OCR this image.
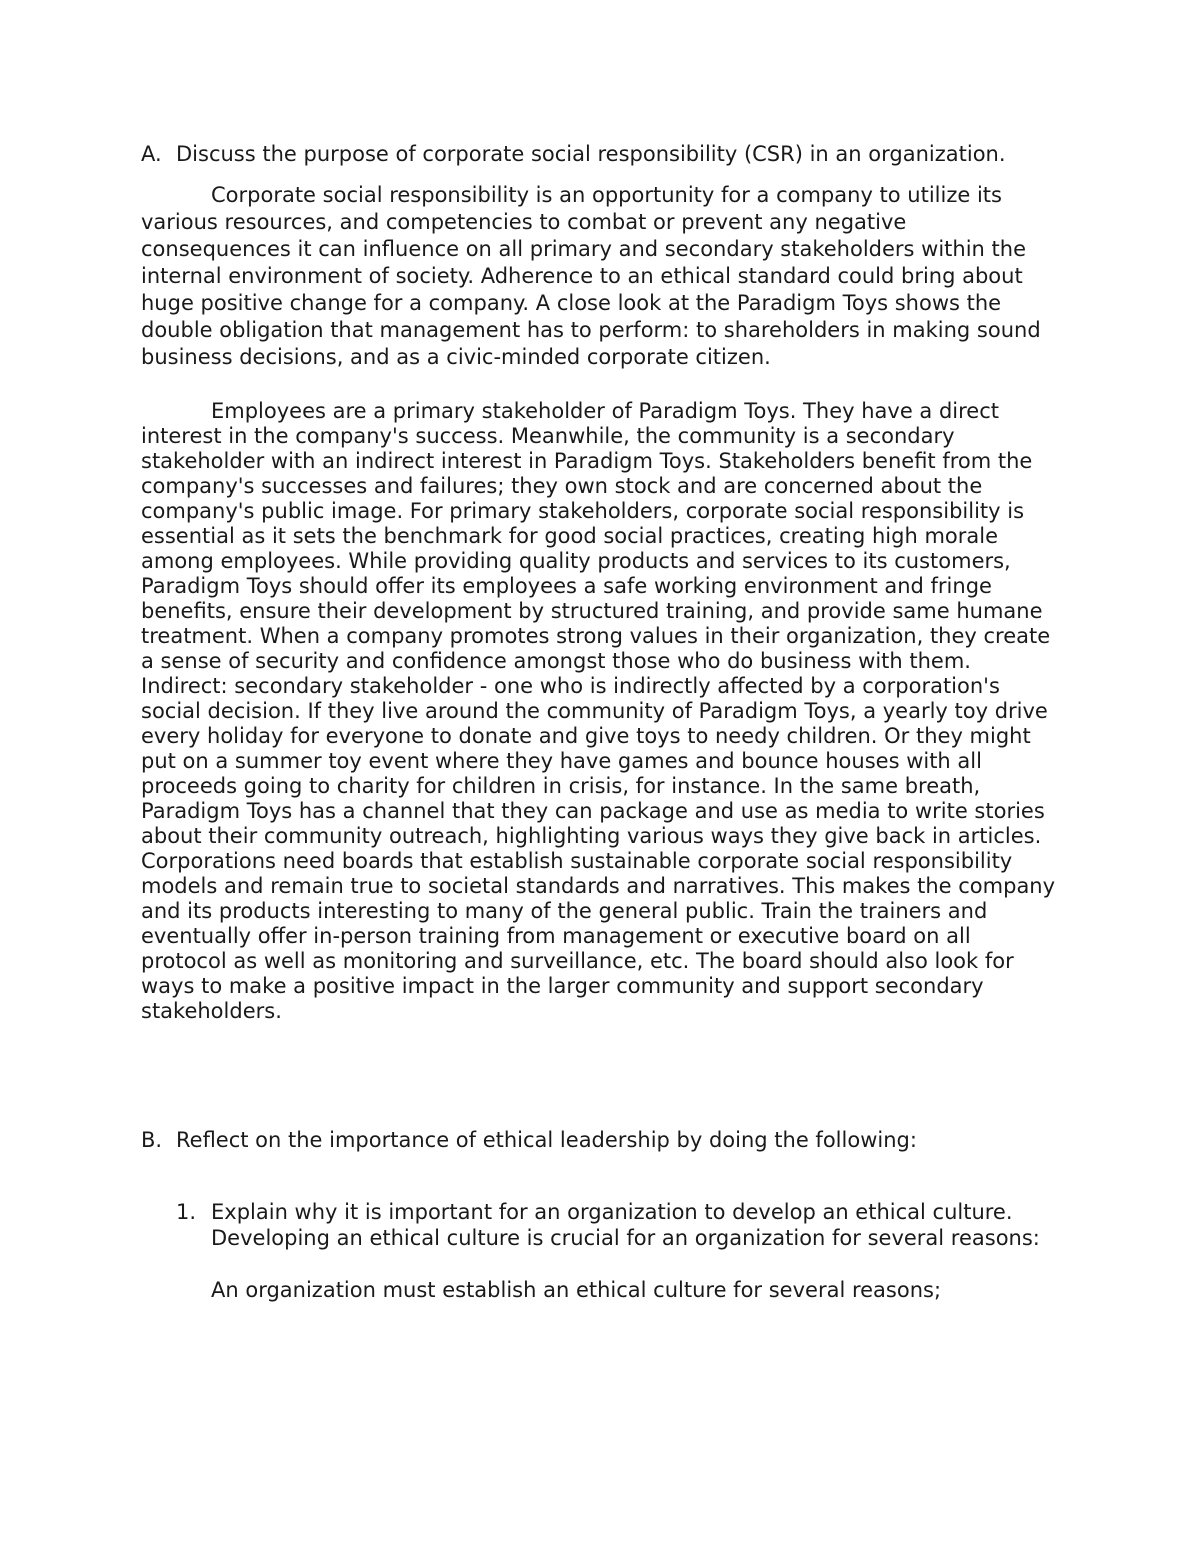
A. Discuss the purpose of corporate social responsibility (CSR) in an organization.

Corporate social responsibility is an opportunity for a company to utilize its various resources, and competencies to combat or prevent any negative consequences it can influence on all primary and secondary stakeholders within the internal environment of society. Adherence to an ethical standard could bring about huge positive change for a company. A close look at the Paradigm Toys shows the double obligation that management has to perform: to shareholders in making sound business decisions, and as a civic-minded corporate citizen.

Employees are a primary stakeholder of Paradigm Toys. They have a direct interest in the company's success. Meanwhile, the community is a secondary stakeholder with an indirect interest in Paradigm Toys. Stakeholders benefit from the company's successes and failures; they own stock and are concerned about the company's public image. For primary stakeholders, corporate social responsibility is essential as it sets the benchmark for good social practices, creating high morale among employees. While providing quality products and services to its customers, Paradigm Toys should offer its employees a safe working environment and fringe benefits, ensure their development by structured training, and provide same humane treatment. When a company promotes strong values in their organization, they create a sense of security and confidence amongst those who do business with them. Indirect: secondary stakeholder - one who is indirectly affected by a corporation's social decision. If they live around the community of Paradigm Toys, a yearly toy drive every holiday for everyone to donate and give toys to needy children. Or they might put on a summer toy event where they have games and bounce houses with all proceeds going to charity for children in crisis, for instance. In the same breath, Paradigm Toys has a channel that they can package and use as media to write stories about their community outreach, highlighting various ways they give back in articles. Corporations need boards that establish sustainable corporate social responsibility models and remain true to societal standards and narratives. This makes the company and its products interesting to many of the general public. Train the trainers and eventually offer in-person training from management or executive board on all protocol as well as monitoring and surveillance, etc. The board should also look for ways to make a positive impact in the larger community and support secondary stakeholders.

B. Reflect on the importance of ethical leadership by doing the following:
1. Explain why it is important for an organization to develop an ethical culture.

Developing an ethical culture is crucial for an organization for several reasons:

An organization must establish an ethical culture for several reasons;
